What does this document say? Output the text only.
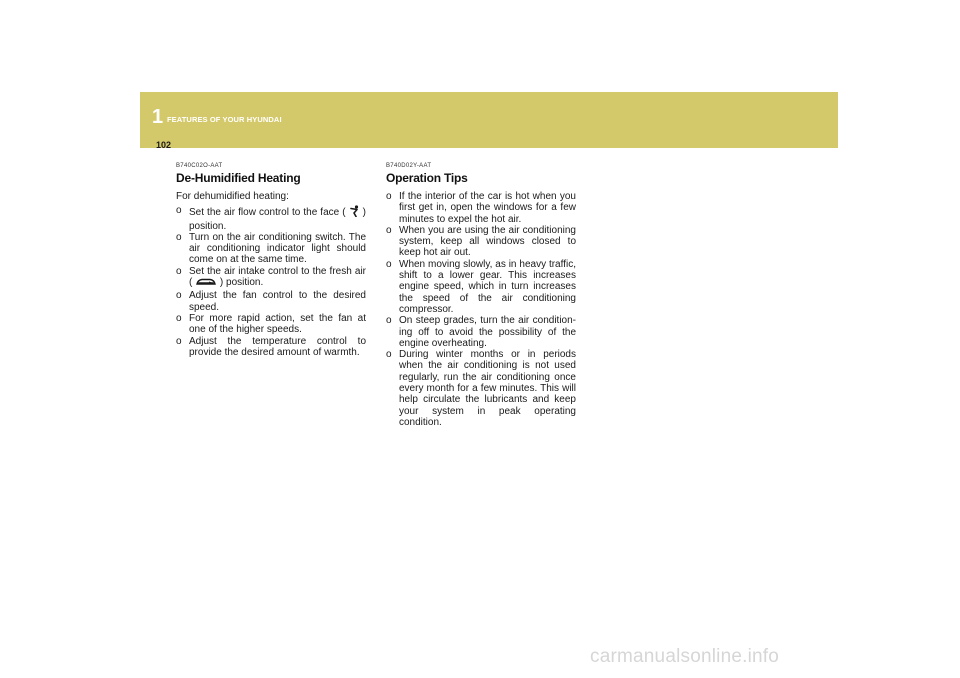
1 FEATURES OF YOUR HYUNDAI
102
B740C02O-AAT
De-Humidified Heating
For dehumidified heating:
o Set the air flow control to the face ( ) position.
o Turn on the air conditioning switch. The air conditioning indicator light should come on at the same time.
o Set the air intake control to the fresh air (	) position.
o Adjust the fan control to the desired speed.
o For more rapid action, set the fan at one of the higher speeds.
o Adjust the temperature control to provide the desired amount of warmth.
B740D02Y-AAT
Operation Tips
o If the interior of the car is hot when you first get in, open the windows for a few minutes to expel the hot air.
o When you are using the air conditioning system, keep all windows closed to keep hot air out.
o When moving slowly, as in heavy traffic, shift to a lower gear. This increases engine speed, which in turn increases the speed of the air conditioning compressor.
o On steep grades, turn the air condition-ing off to avoid the possibility of the engine overheating.
o During winter months or in periods when the air conditioning is not used regularly, run the air conditioning once every month for a few minutes. This will help circulate the lubricants and keep your system in peak operating condition.
carmanualsonline.info
